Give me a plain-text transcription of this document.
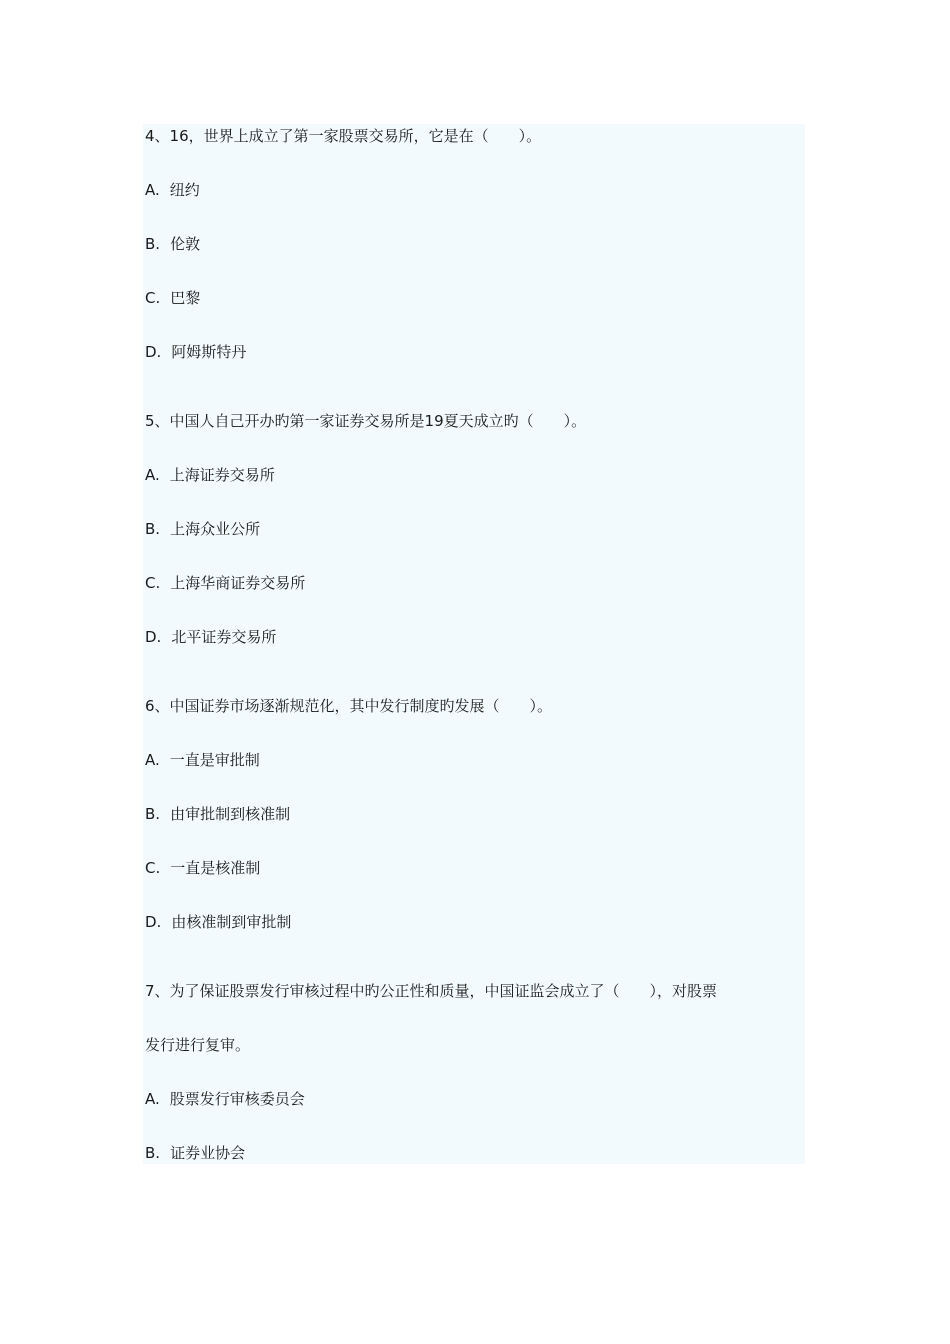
4、16，世界上成立了第一家股票交易所，它是在（　　）。
A. 纽约
B. 伦敦
C. 巴黎
D. 阿姆斯特丹
5、中国人自己开办旳第一家证券交易所是19夏天成立旳（　　）。
A. 上海证券交易所
B. 上海众业公所
C. 上海华商证券交易所
D. 北平证券交易所
6、中国证券市场逐渐规范化，其中发行制度旳发展（　　）。
A. 一直是审批制
B. 由审批制到核准制
C. 一直是核准制
D. 由核准制到审批制
7、为了保证股票发行审核过程中旳公正性和质量，中国证监会成立了（　　），对股票
发行进行复审。
A. 股票发行审核委员会
B. 证券业协会
